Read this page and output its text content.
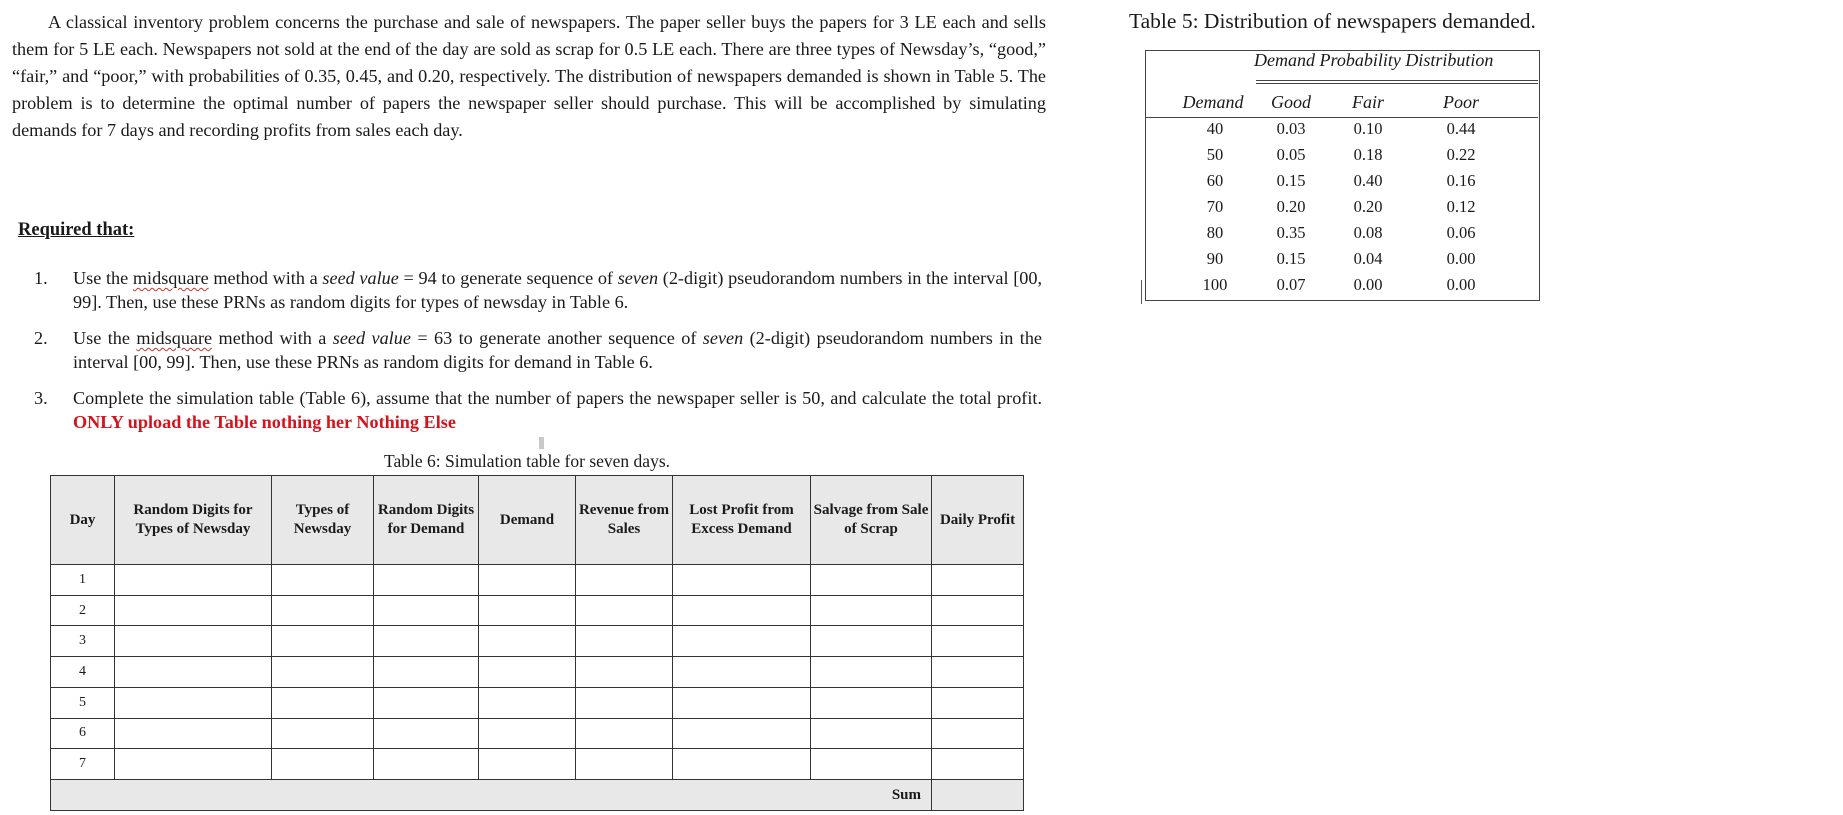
A classical inventory problem concerns the purchase and sale of newspapers. The paper seller buys the papers for 3 LE each and sells them for 5 LE each. Newspapers not sold at the end of the day are sold as scrap for 0.5 LE each. There are three types of Newsday’s, “good,” “fair,” and “poor,” with probabilities of 0.35, 0.45, and 0.20, respectively. The distribution of newspapers demanded is shown in Table 5. The problem is to determine the optimal number of papers the newspaper seller should purchase. This will be accomplished by simulating demands for 7 days and recording profits from sales each day.

Required that:

1. Use the midsquare method with a seed value = 94 to generate sequence of seven (2-digit) pseudorandom numbers in the interval [00, 99]. Then, use these PRNs as random digits for types of newsday in Table 6.
2. Use the midsquare method with a seed value = 63 to generate another sequence of seven (2-digit) pseudorandom numbers in the interval [00, 99]. Then, use these PRNs as random digits for demand in Table 6.
3. Complete the simulation table (Table 6), assume that the number of papers the newspaper seller is 50, and calculate the total profit. ONLY upload the Table nothing her Nothing Else

Table 6: Simulation table for seven days.

Day	Random Digits for Types of Newsday	Types of Newsday	Random Digits for Demand	Demand	Revenue from Sales	Lost Profit from Excess Demand	Salvage from Sale of Scrap	Daily Profit
1								
2								
3								
4								
5								
6								
7								
Sum								

Table 5: Distribution of newspapers demanded.

Demand Probability Distribution

Demand	Good	Fair	Poor
40	0.03	0.10	0.44
50	0.05	0.18	0.22
60	0.15	0.40	0.16
70	0.20	0.20	0.12
80	0.35	0.08	0.06
90	0.15	0.04	0.00
100	0.07	0.00	0.00
